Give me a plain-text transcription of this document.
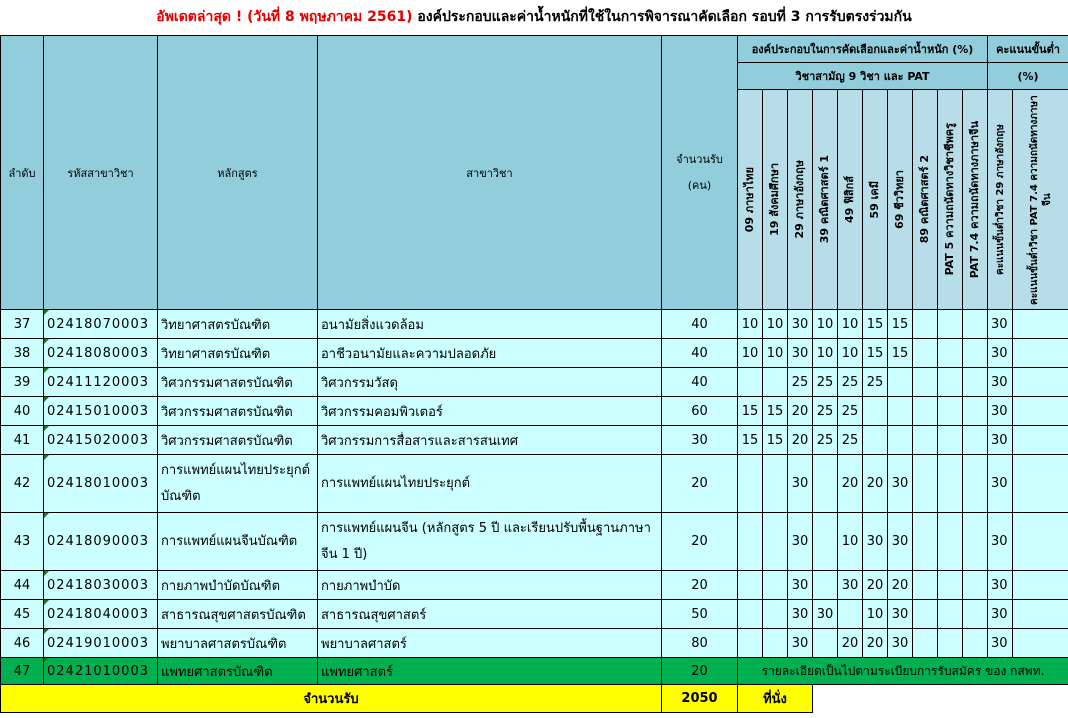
อัพเดตล่าสุด ! (วันที่ 8 พฤษภาคม 2561) องค์ประกอบและค่าน้ำหนักที่ใช้ในการพิจารณาคัดเลือก รอบที่ 3 การรับตรงร่วมกัน
ลำดับ	รหัสสาขาวิชา	หลักสูตร	สาขาวิชา	จำนวนรับ
(คน)	องค์ประกอบในการคัดเลือกและค่าน้ำหนัก (%)										คะแนนขั้นต่ำ	
					วิชาสามัญ 9 วิชา และ PAT										(%)	

					09 ภาษาไทย	19 สังคมศึกษา	29 ภาษาอังกฤษ	39 คณิตศาสตร์ 1	49 ฟิสิกส์	59 เคมี	69 ชีววิทยา	89 คณิตศาสตร์ 2	PAT 5 ความถนัดทางวิชาชีพครู	PAT 7.4 ความถนัดทางภาษาจีน	คะแนนขั้นต่ำวิชา 29 ภาษาอังกฤษ	คะแนนขั้นต่ำวิชา PAT 7.4 ความถนัดทางภาษาจีน

37	02418070003	วิทยาศาสตรบัณฑิต	อนามัยสิ่งแวดล้อม	40	10	10	30	10	10	15	15				30	
38	02418080003	วิทยาศาสตรบัณฑิต	อาชีวอนามัยและความปลอดภัย	40	10	10	30	10	10	15	15				30	
39	02411120003	วิศวกรรมศาสตรบัณฑิต	วิศวกรรมวัสดุ	40			25	25	25	25					30	
40	02415010003	วิศวกรรมศาสตรบัณฑิต	วิศวกรรมคอมพิวเตอร์	60	15	15	20	25	25						30	
41	02415020003	วิศวกรรมศาสตรบัณฑิต	วิศวกรรมการสื่อสารและสารสนเทศ	30	15	15	20	25	25						30	
42	02418010003	การแพทย์แผนไทยประยุกต์บัณฑิต	การแพทย์แผนไทยประยุกต์	20			30		20	20	30				30	
43	02418090003	การแพทย์แผนจีนบัณฑิต	การแพทย์แผนจีน (หลักสูตร 5 ปี และเรียนปรับพื้นฐานภาษาจีน 1 ปี)	20			30		10	30	30				30	
44	02418030003	กายภาพบำบัดบัณฑิต	กายภาพบำบัด	20			30		30	20	20				30	
45	02418040003	สาธารณสุขศาสตรบัณฑิต	สาธารณสุขศาสตร์	50			30	30		10	30				30	
46	02419010003	พยาบาลศาสตรบัณฑิต	พยาบาลศาสตร์	80			30		20	20	30				30	
47	02421010003	แพทยศาสตรบัณฑิต	แพทยศาสตร์	20	รายละเอียดเป็นไปตามระเบียบการรับสมัคร ของ กสพท.											
จำนวนรับ				2050	ที่นั่ง											
